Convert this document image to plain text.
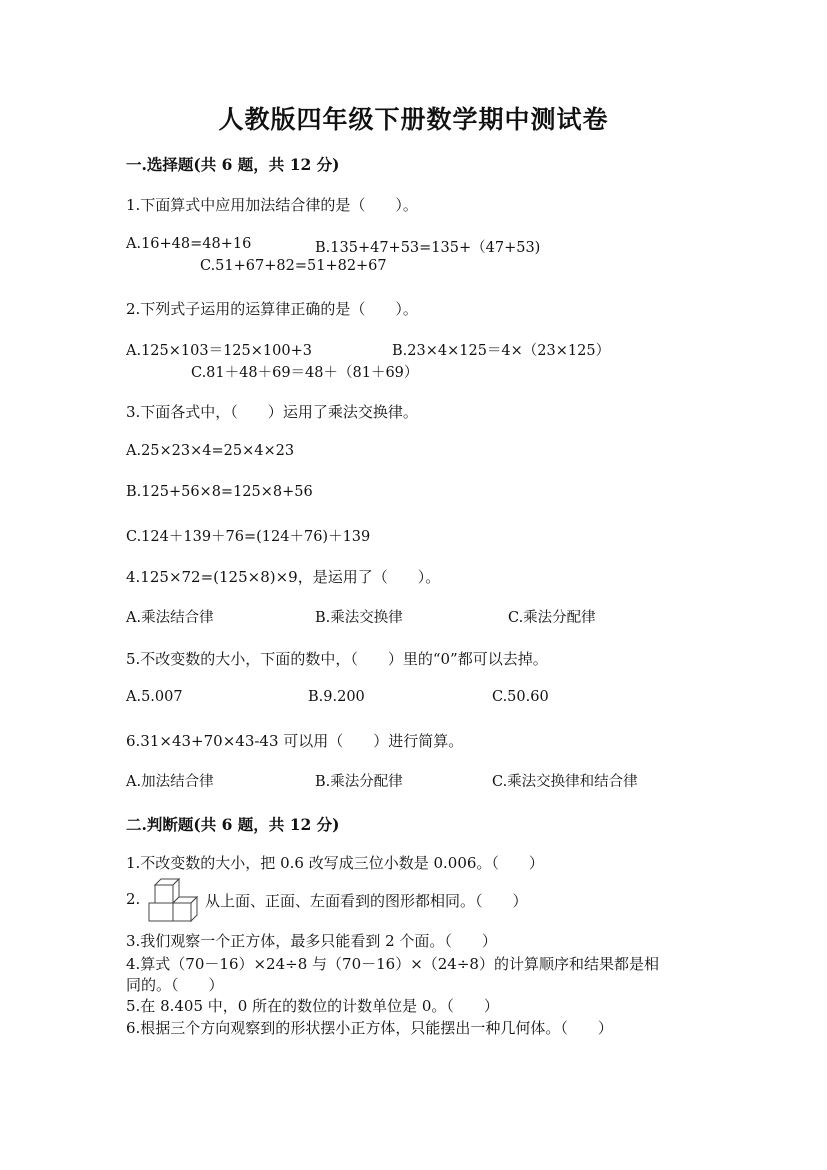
人教版四年级下册数学期中测试卷
一.选择题(共 6 题，共 12 分)
1.下面算式中应用加法结合律的是（　　）。
A.16+48=48+16	B.135+47+53=135+（47+53)
C.51+67+82=51+82+67
2.下列式子运用的运算律正确的是（　　）。
A.125×103＝125×100+3	B.23×4×125＝4×（23×125）
C.81＋48＋69＝48＋（81＋69）
3.下面各式中，（　　）运用了乘法交换律。
A.25×23×4=25×4×23
B.125+56×8=125×8+56
C.124＋139＋76=(124＋76)＋139
4.125×72=(125×8)×9，是运用了（　　）。
A.乘法结合律	B.乘法交换律	C.乘法分配律
5.不改变数的大小，下面的数中，（　　）里的“0”都可以去掉。
A.5.007	B.9.200	C.50.60
6.31×43+70×43-43 可以用（　　）进行简算。
A.加法结合律	B.乘法分配律	C.乘法交换律和结合律
二.判断题(共 6 题，共 12 分)
1.不改变数的大小，把 0.6 改写成三位小数是 0.006。（　　）
2.	从上面、正面、左面看到的图形都相同。（　　）
3.我们观察一个正方体，最多只能看到 2 个面。（　　）
4.算式（70－16）×24÷8 与（70－16）×（24÷8）的计算顺序和结果都是相
同的。（　　）
5.在 8.405 中，0 所在的数位的计数单位是 0。（　　）
6.根据三个方向观察到的形状摆小正方体，只能摆出一种几何体。（　　）
